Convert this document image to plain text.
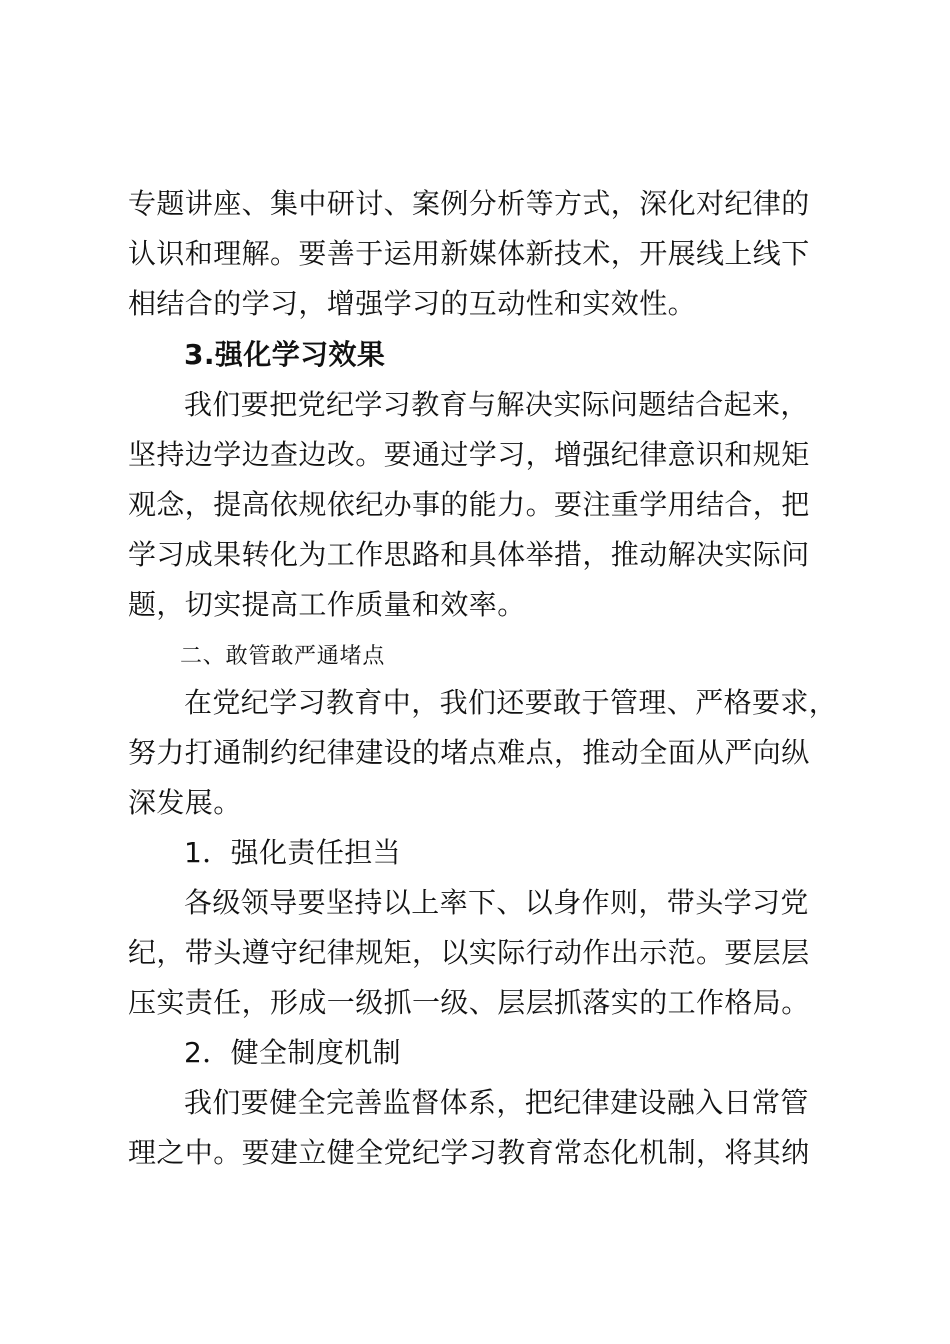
专题讲座、集中研讨、案例分析等方式，深化对纪律的
认识和理解。要善于运用新媒体新技术，开展线上线下
相结合的学习，增强学习的互动性和实效性。
3.强化学习效果
我们要把党纪学习教育与解决实际问题结合起来，
坚持边学边查边改。要通过学习，增强纪律意识和规矩
观念，提高依规依纪办事的能力。要注重学用结合，把
学习成果转化为工作思路和具体举措，推动解决实际问
题，切实提高工作质量和效率。
二、敢管敢严通堵点
在党纪学习教育中，我们还要敢于管理、严格要求，
努力打通制约纪律建设的堵点难点，推动全面从严向纵
深发展。
1．强化责任担当
各级领导要坚持以上率下、以身作则，带头学习党
纪，带头遵守纪律规矩，以实际行动作出示范。要层层
压实责任，形成一级抓一级、层层抓落实的工作格局。
2．健全制度机制
我们要健全完善监督体系，把纪律建设融入日常管
理之中。要建立健全党纪学习教育常态化机制，将其纳
